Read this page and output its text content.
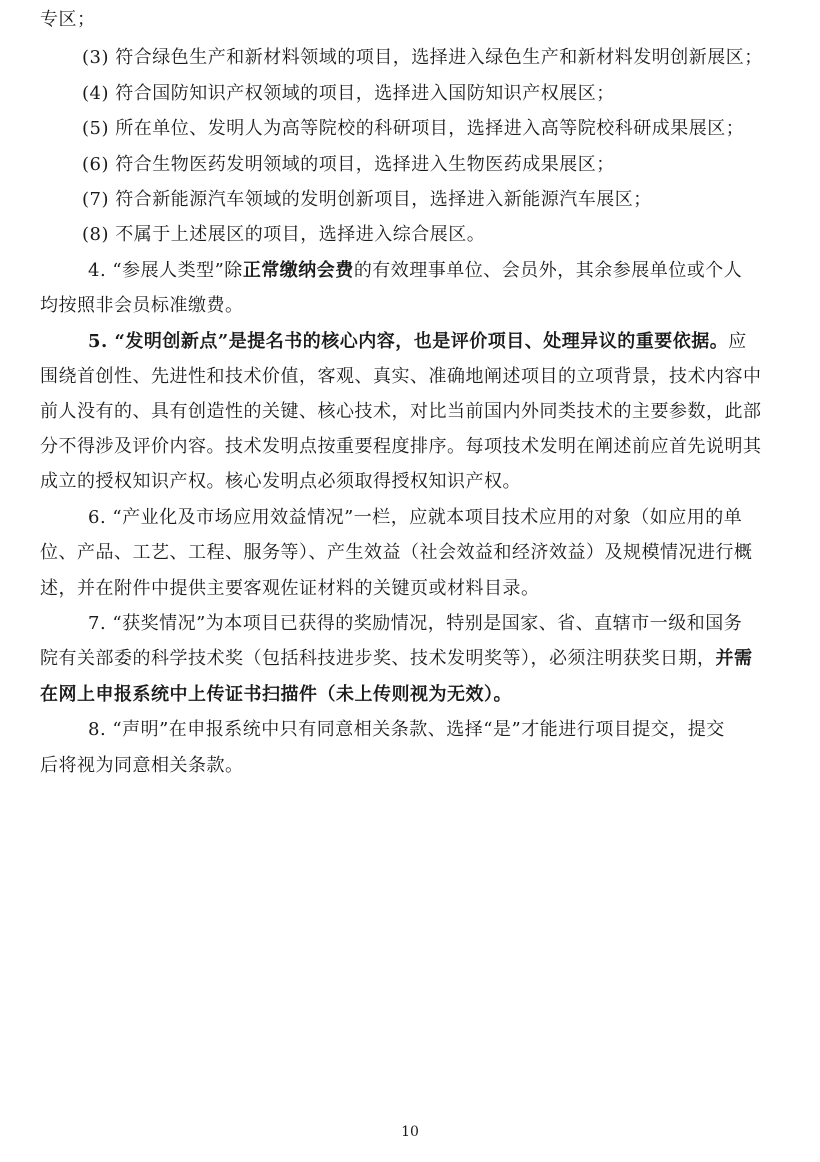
专区；
(3) 符合绿色生产和新材料领域的项目，选择进入绿色生产和新材料发明创新展区；
(4) 符合国防知识产权领域的项目，选择进入国防知识产权展区；
(5) 所在单位、发明人为高等院校的科研项目，选择进入高等院校科研成果展区；
(6) 符合生物医药发明领域的项目，选择进入生物医药成果展区；
(7) 符合新能源汽车领域的发明创新项目，选择进入新能源汽车展区；
(8) 不属于上述展区的项目，选择进入综合展区。
4. “参展人类型”除正常缴纳会费的有效理事单位、会员外，其余参展单位或个人
均按照非会员标准缴费。
5. “发明创新点”是提名书的核心内容，也是评价项目、处理异议的重要依据。应
围绕首创性、先进性和技术价值，客观、真实、准确地阐述项目的立项背景，技术内容中
前人没有的、具有创造性的关键、核心技术，对比当前国内外同类技术的主要参数，此部
分不得涉及评价内容。技术发明点按重要程度排序。每项技术发明在阐述前应首先说明其
成立的授权知识产权。核心发明点必须取得授权知识产权。
6. “产业化及市场应用效益情况”一栏，应就本项目技术应用的对象（如应用的单
位、产品、工艺、工程、服务等）、产生效益（社会效益和经济效益）及规模情况进行概
述，并在附件中提供主要客观佐证材料的关键页或材料目录。
7. “获奖情况”为本项目已获得的奖励情况，特别是国家、省、直辖市一级和国务
院有关部委的科学技术奖（包括科技进步奖、技术发明奖等），必须注明获奖日期，并需
在网上申报系统中上传证书扫描件（未上传则视为无效）。
8. “声明”在申报系统中只有同意相关条款、选择“是”才能进行项目提交，提交
后将视为同意相关条款。
10
